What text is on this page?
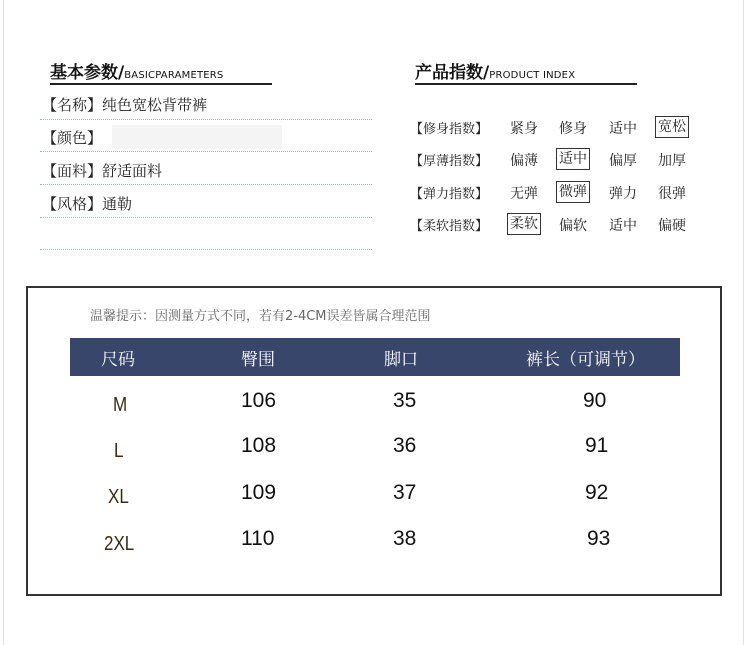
基本参数/BASICPARAMETERS
【名称】纯色宽松背带裤
【颜色】
【面料】舒适面料
【风格】通勒
产品指数/PRODUCT INDEX
【修身指数】 紧身 修身 适中 宽松
【厚薄指数】 偏薄 适中 偏厚 加厚
【弹力指数】 无弹 微弹 弹力 很弹
【柔软指数】 柔软 偏软 适中 偏硬
温馨提示：因测量方式不同，若有2-4CM误差皆属合理范围
尺码	臀围	脚口	裤长（可调节）
M	106	35	90
L	108	36	91
XL	109	37	92
2XL	110	38	93
